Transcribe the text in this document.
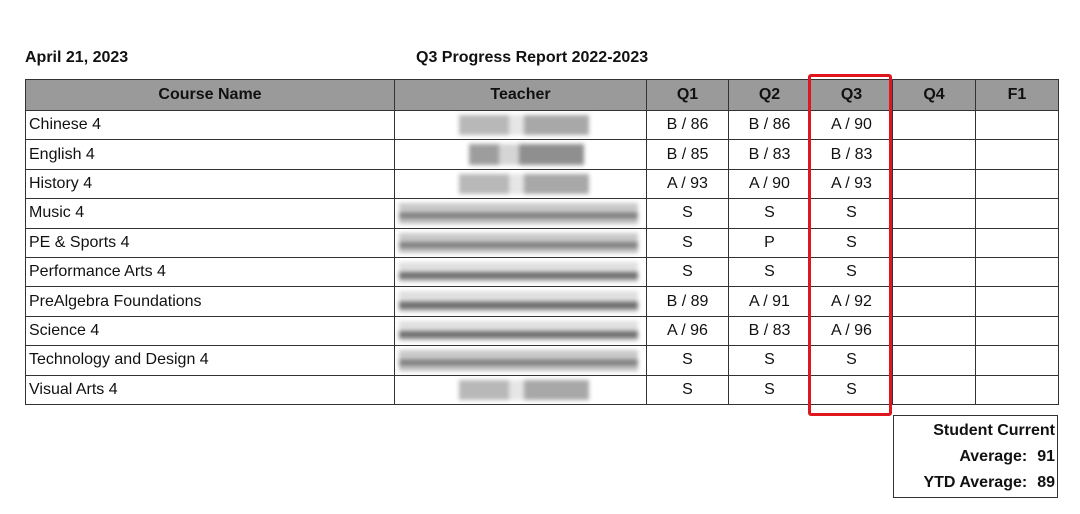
April 21, 2023	Q3 Progress Report 2022-2023
Course Name	Teacher	Q1	Q2	Q3	Q4	F1
Chinese 4		B / 86	B / 86	A / 90		
English 4		B / 85	B / 83	B / 83		
History 4		A / 93	A / 90	A / 93		
Music 4		S	S	S		
PE & Sports 4		S	P	S		
Performance Arts 4		S	S	S		
PreAlgebra Foundations		B / 89	A / 91	A / 92		
Science 4		A / 96	B / 83	A / 96		
Technology and Design 4		S	S	S		
Visual Arts 4		S	S	S		
Student Current
Average: 91
YTD Average: 89
